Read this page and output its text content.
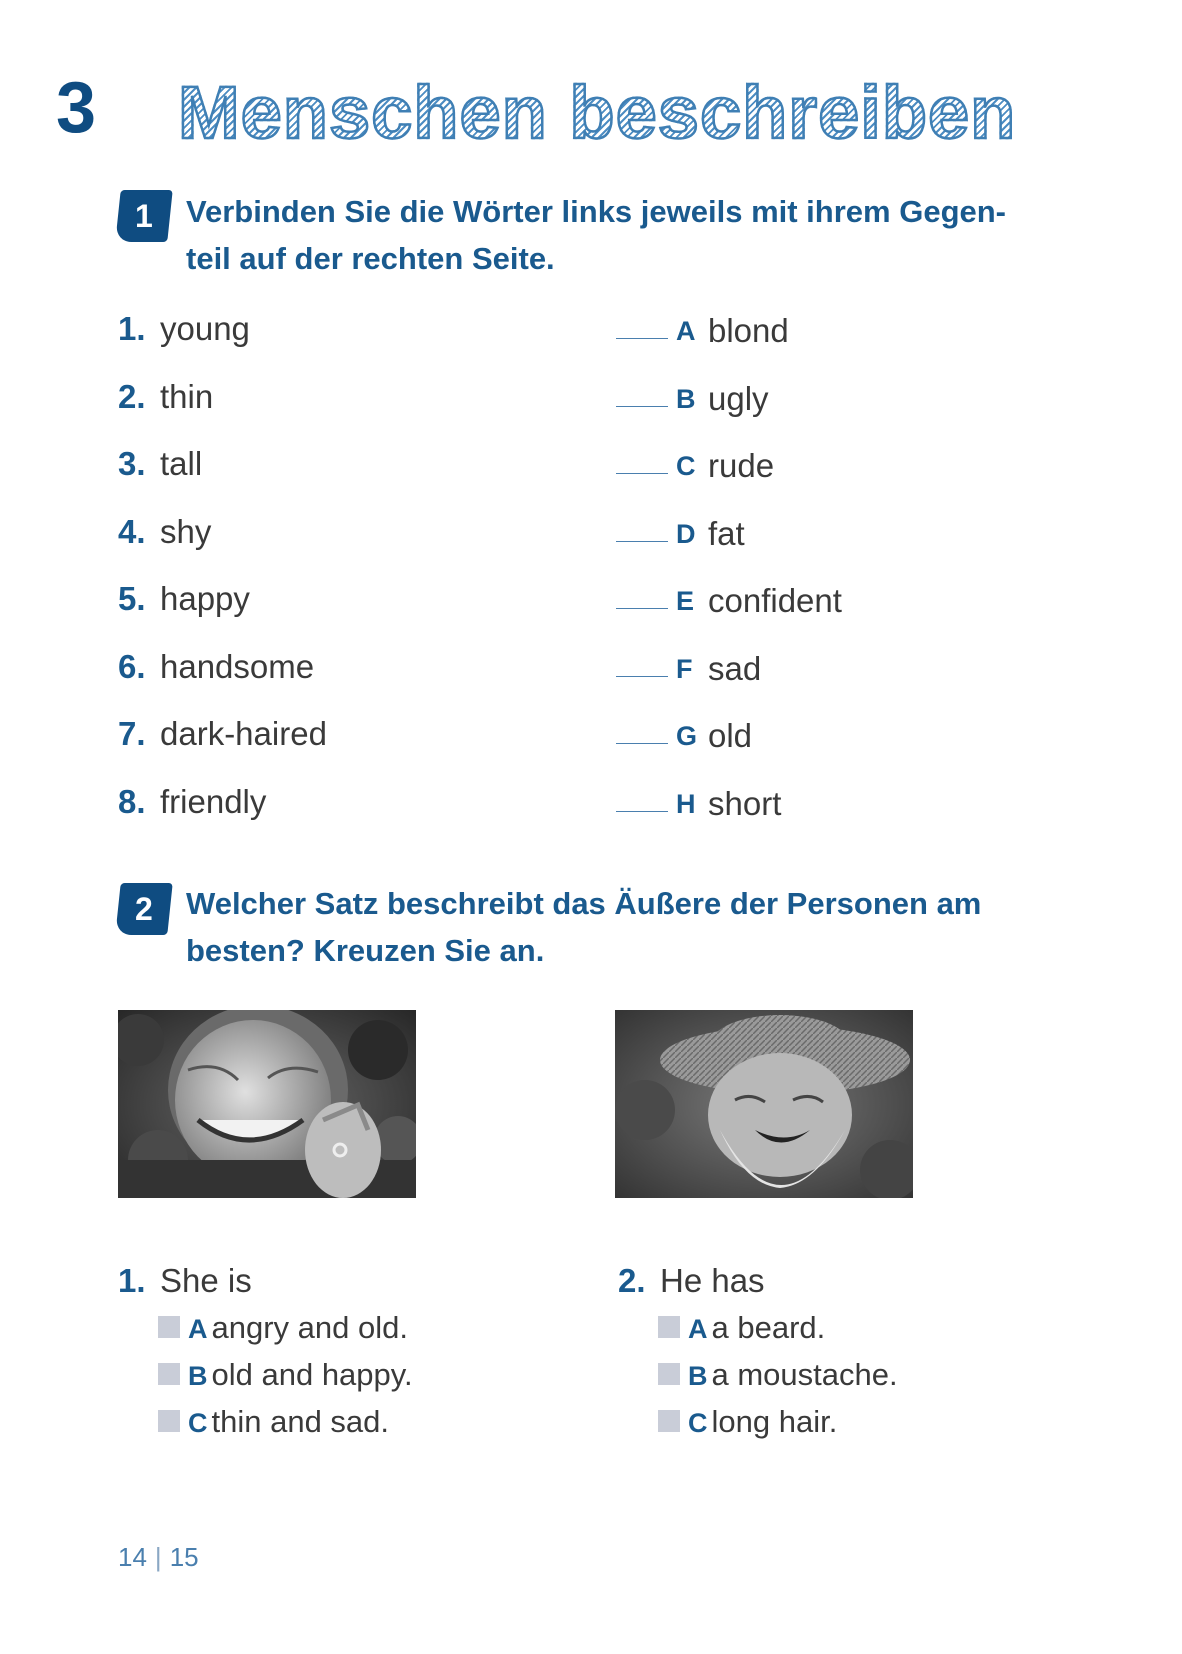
3 Menschen beschreiben
1 Verbinden Sie die Wörter links jeweils mit ihrem Gegen-
teil auf der rechten Seite.
1. young
2. thin
3. tall
4. shy
5. happy
6. handsome
7. dark-haired
8. friendly
A blond
B ugly
C rude
D fat
E confident
F sad
G old
H short
2 Welcher Satz beschreibt das Äußere der Personen am
besten? Kreuzen Sie an.
1. She is
A angry and old.
B old and happy.
C thin and sad.
2. He has
A a beard.
B a moustache.
C long hair.
14 | 15
